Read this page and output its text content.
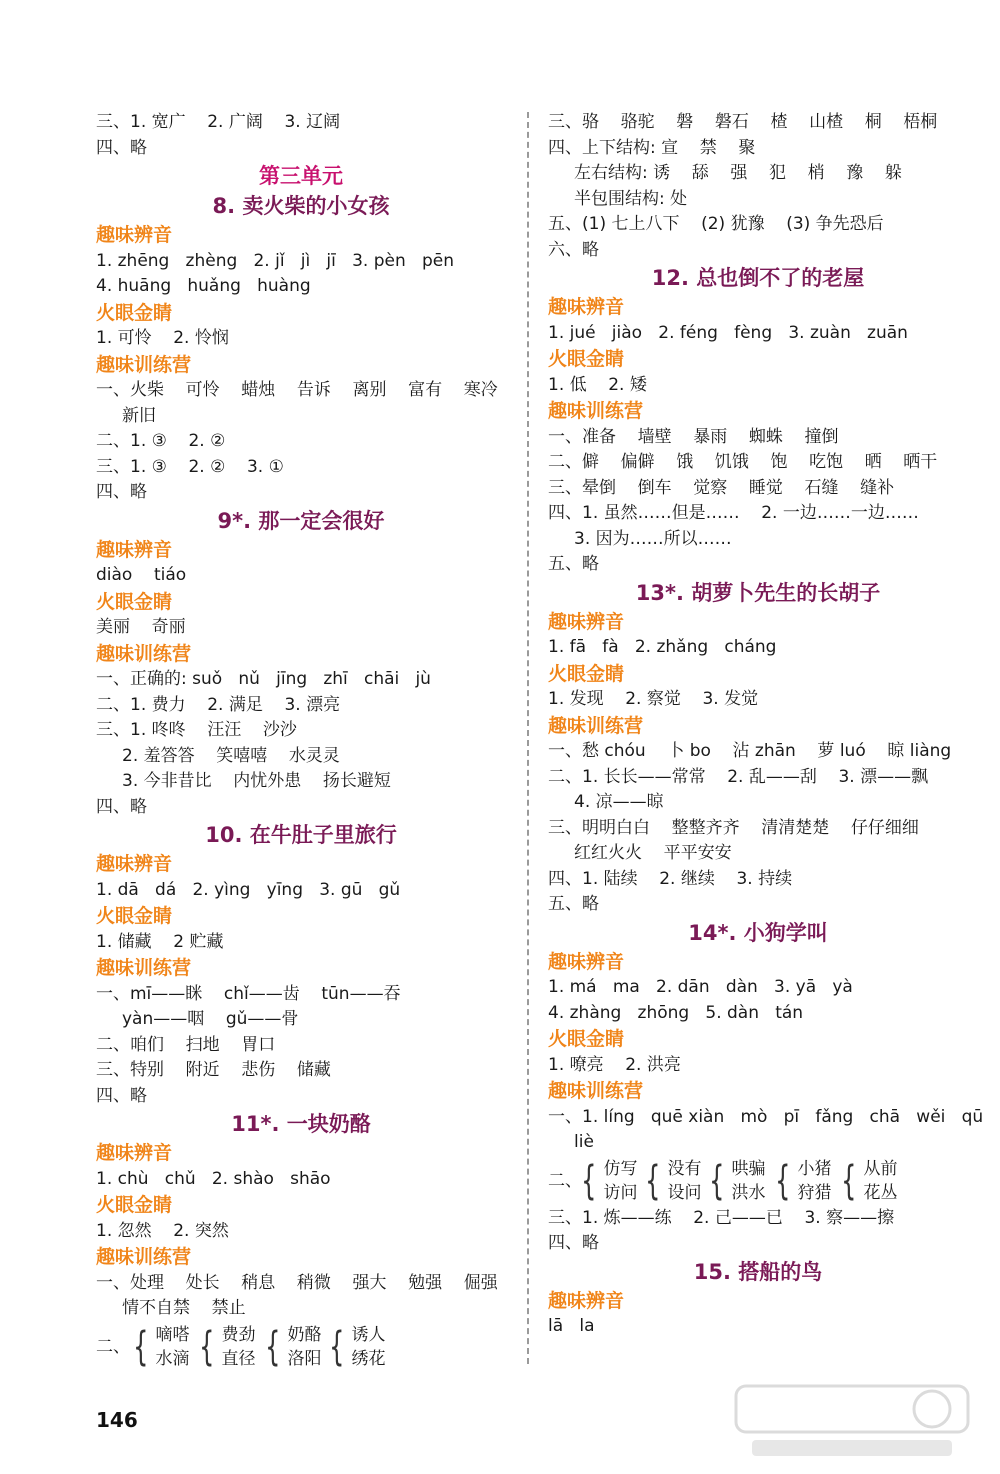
三、1. 宽广    2. 广阔    3. 辽阔
四、略
第三单元
8. 卖火柴的小女孩
趣味辨音
1. zhēng   zhèng   2. jǐ   jì   jī   3. pèn   pēn
4. huāng   huǎng   huàng
火眼金睛
1. 可怜    2. 怜悯
趣味训练营
一、火柴    可怜    蜡烛    告诉    离别    富有    寒冷
新旧
二、1. ③    2. ②
三、1. ③    2. ②    3. ①
四、略
9*. 那一定会很好
趣味辨音
diào    tiáo
火眼金睛
美丽    奇丽
趣味训练营
一、正确的: suǒ   nǔ   jīng   zhī   chāi   jù
二、1. 费力    2. 满足    3. 漂亮
三、1. 咚咚    汪汪    沙沙
2. 羞答答    笑嘻嘻    水灵灵
3. 今非昔比    内忧外患    扬长避短
四、略
10. 在牛肚子里旅行
趣味辨音
1. dā   dá   2. yìng   yīng   3. gū   gǔ
火眼金睛
1. 储藏    2 贮藏
趣味训练营
一、mī——眯    chǐ——齿    tūn——吞
yàn——咽    gǔ——骨
二、咱们    扫地    胃口
三、特别    附近    悲伤    储藏
四、略
11*. 一块奶酪
趣味辨音
1. chù   chǔ   2. shào   shāo
火眼金睛
1. 忽然    2. 突然
趣味训练营
一、处理    处长    稍息    稍微    强大    勉强    倔强
情不自禁    禁止
二、 { 嘀嗒
水滴 { 费劲
直径 { 奶酪
洛阳 { 诱人
绣花
三、骆    骆驼    磐    磐石    楂    山楂    桐    梧桐
四、上下结构: 宣    禁    聚
左右结构: 诱    舔    强    犯    梢    豫    躲
半包围结构: 处
五、(1) 七上八下    (2) 犹豫    (3) 争先恐后
六、略
12. 总也倒不了的老屋
趣味辨音
1. jué   jiào   2. féng   fèng   3. zuàn   zuān
火眼金睛
1. 低    2. 矮
趣味训练营
一、准备    墙壁    暴雨    蜘蛛    撞倒
二、僻    偏僻    饿    饥饿    饱    吃饱    晒    晒干
三、晕倒    倒车    觉察    睡觉    石缝    缝补
四、1. 虽然……但是……    2. 一边……一边……
3. 因为……所以……
五、略
13*. 胡萝卜先生的长胡子
趣味辨音
1. fā   fà   2. zhǎng   cháng
火眼金睛
1. 发现    2. 察觉    3. 发觉
趣味训练营
一、愁 chóu    卜 bo    沾 zhān    萝 luó    晾 liàng
二、1. 长长——常常    2. 乱——刮    3. 漂——飘
4. 凉——晾
三、明明白白    整整齐齐    清清楚楚    仔仔细细
红红火火    平平安安
四、1. 陆续    2. 继续    3. 持续
五、略
14*. 小狗学叫
趣味辨音
1. má   ma   2. dān   dàn   3. yā   yà
4. zhàng   zhōng   5. dàn   tán
火眼金睛
1. 嘹亮    2. 洪亮
趣味训练营
一、1. líng   quē xiàn   mò   pī   fǎng   chā   wěi   qū
liè
二、 { 仿写
访问 { 没有
设问 { 哄骗
洪水 { 小猪
狩猎 { 从前
花丛
三、1. 炼——练    2. 己——已    3. 察——擦
四、略
15. 搭船的鸟
趣味辨音
lā   la
146
